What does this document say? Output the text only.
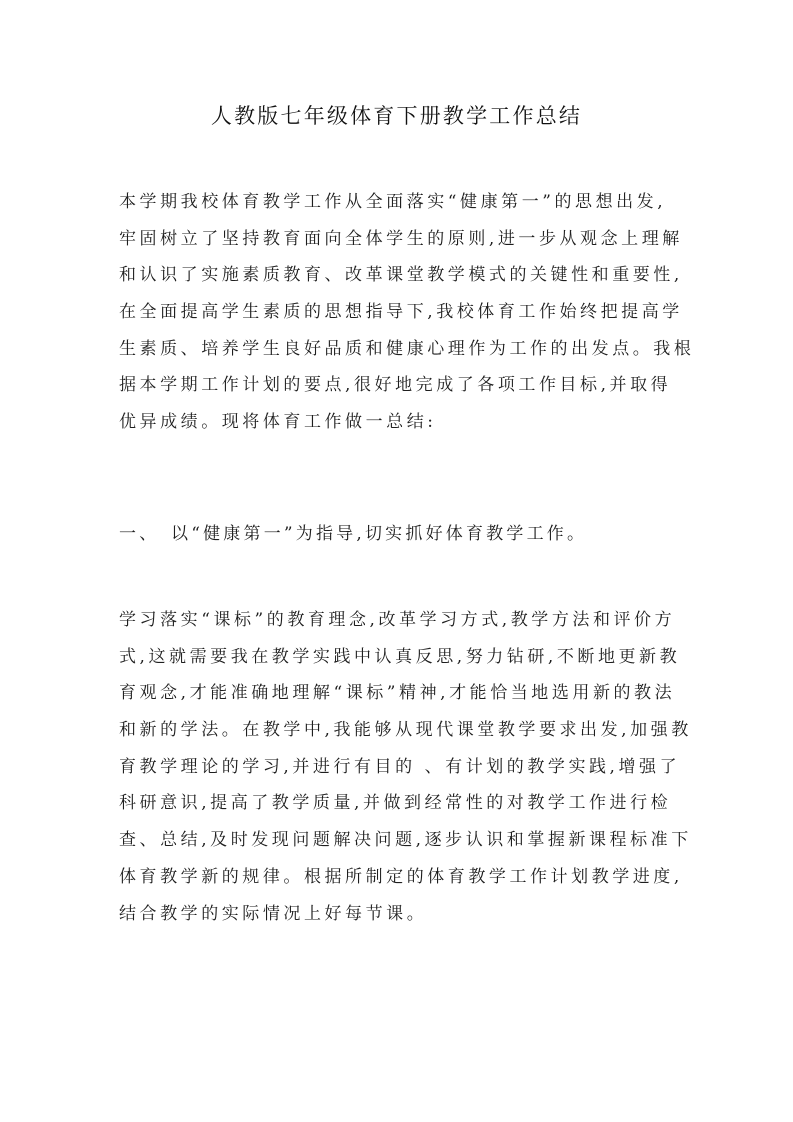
人教版七年级体育下册教学工作总结
本学期我校体育教学工作从全面落实“健康第一”的思想出发,
牢固树立了坚持教育面向全体学生的原则,进一步从观念上理解
和认识了实施素质教育、改革课堂教学模式的关键性和重要性,
在全面提高学生素质的思想指导下,我校体育工作始终把提高学
生素质、培养学生良好品质和健康心理作为工作的出发点。我根
据本学期工作计划的要点,很好地完成了各项工作目标,并取得
优异成绩。现将体育工作做一总结:
一、 以“健康第一”为指导,切实抓好体育教学工作。
学习落实“课标”的教育理念,改革学习方式,教学方法和评价方
式,这就需要我在教学实践中认真反思,努力钻研,不断地更新教
育观念,才能准确地理解“课标”精神,才能恰当地选用新的教法
和新的学法。在教学中,我能够从现代课堂教学要求出发,加强教
育教学理论的学习,并进行有目的 、有计划的教学实践,增强了
科研意识,提高了教学质量,并做到经常性的对教学工作进行检
查、总结,及时发现问题解决问题,逐步认识和掌握新课程标准下
体育教学新的规律。根据所制定的体育教学工作计划教学进度,
结合教学的实际情况上好每节课。
